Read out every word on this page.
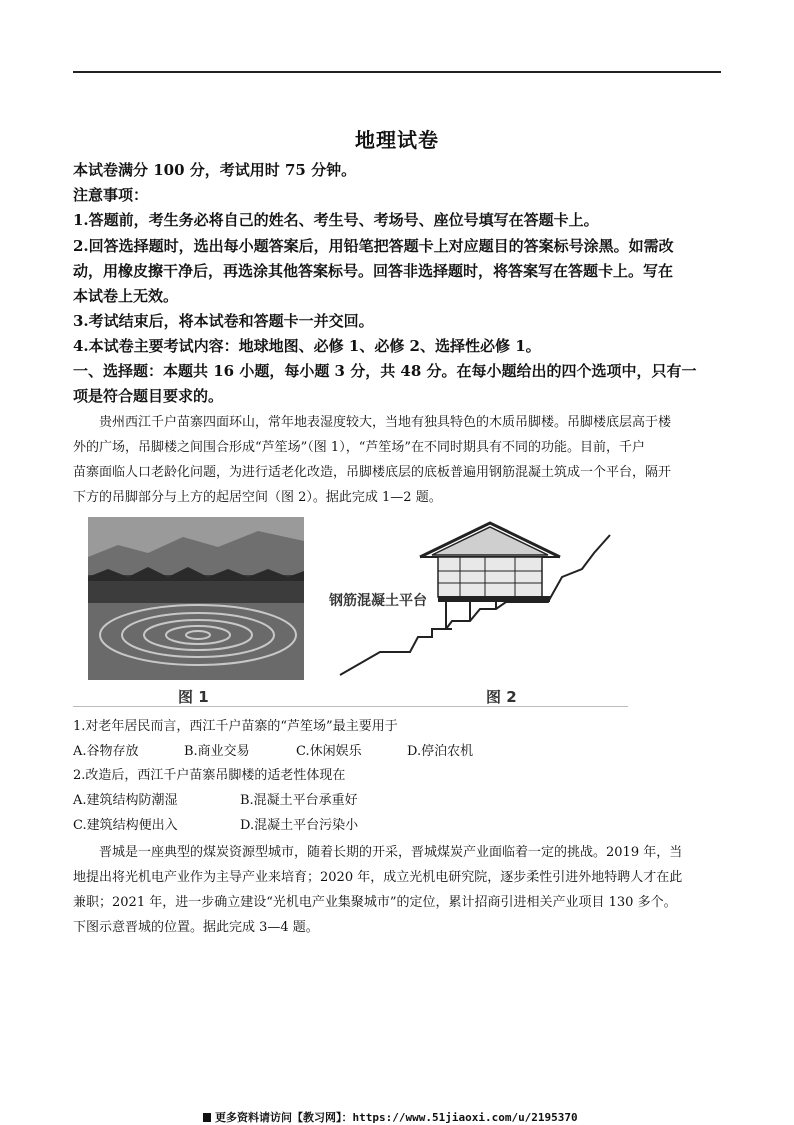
地理试卷
本试卷满分 100 分，考试用时 75 分钟。
注意事项：
1.答题前，考生务必将自己的姓名、考生号、考场号、座位号填写在答题卡上。
2.回答选择题时，选出每小题答案后，用铅笔把答题卡上对应题目的答案标号涂黑。如需改
动，用橡皮擦干净后，再选涂其他答案标号。回答非选择题时，将答案写在答题卡上。写在
本试卷上无效。
3.考试结束后，将本试卷和答题卡一并交回。
4.本试卷主要考试内容：地球地图、必修 1、必修 2、选择性必修 1。
一、选择题：本题共 16 小题，每小题 3 分，共 48 分。在每小题给出的四个选项中，只有一
项是符合题目要求的。
贵州西江千户苗寨四面环山，常年地表湿度较大，当地有独具特色的木质吊脚楼。吊脚楼底层高于楼
外的广场，吊脚楼之间围合形成“芦笙场”（图 1），“芦笙场”在不同时期具有不同的功能。目前，千户
苗寨面临人口老龄化问题，为进行适老化改造，吊脚楼底层的底板普遍用钢筋混凝土筑成一个平台，隔开
下方的吊脚部分与上方的起居空间（图 2）。据此完成 1—2 题。
图 1
钢筋混凝土平台
图 2
1.对老年居民而言，西江千户苗寨的“芦笙场”最主要用于
A.谷物存放	B.商业交易	C.休闲娱乐	D.停泊农机
2.改造后，西江千户苗寨吊脚楼的适老性体现在
A.建筑结构防潮湿	B.混凝土平台承重好
C.建筑结构便出入	D.混凝土平台污染小
晋城是一座典型的煤炭资源型城市，随着长期的开采，晋城煤炭产业面临着一定的挑战。2019 年，当
地提出将光机电产业作为主导产业来培育；2020 年，成立光机电研究院，逐步柔性引进外地特聘人才在此
兼职；2021 年，进一步确立建设“光机电产业集聚城市”的定位，累计招商引进相关产业项目 130 多个。
下图示意晋城的位置。据此完成 3—4 题。
更多资料请访问【教习网】：https://www.51jiaoxi.com/u/2195370
